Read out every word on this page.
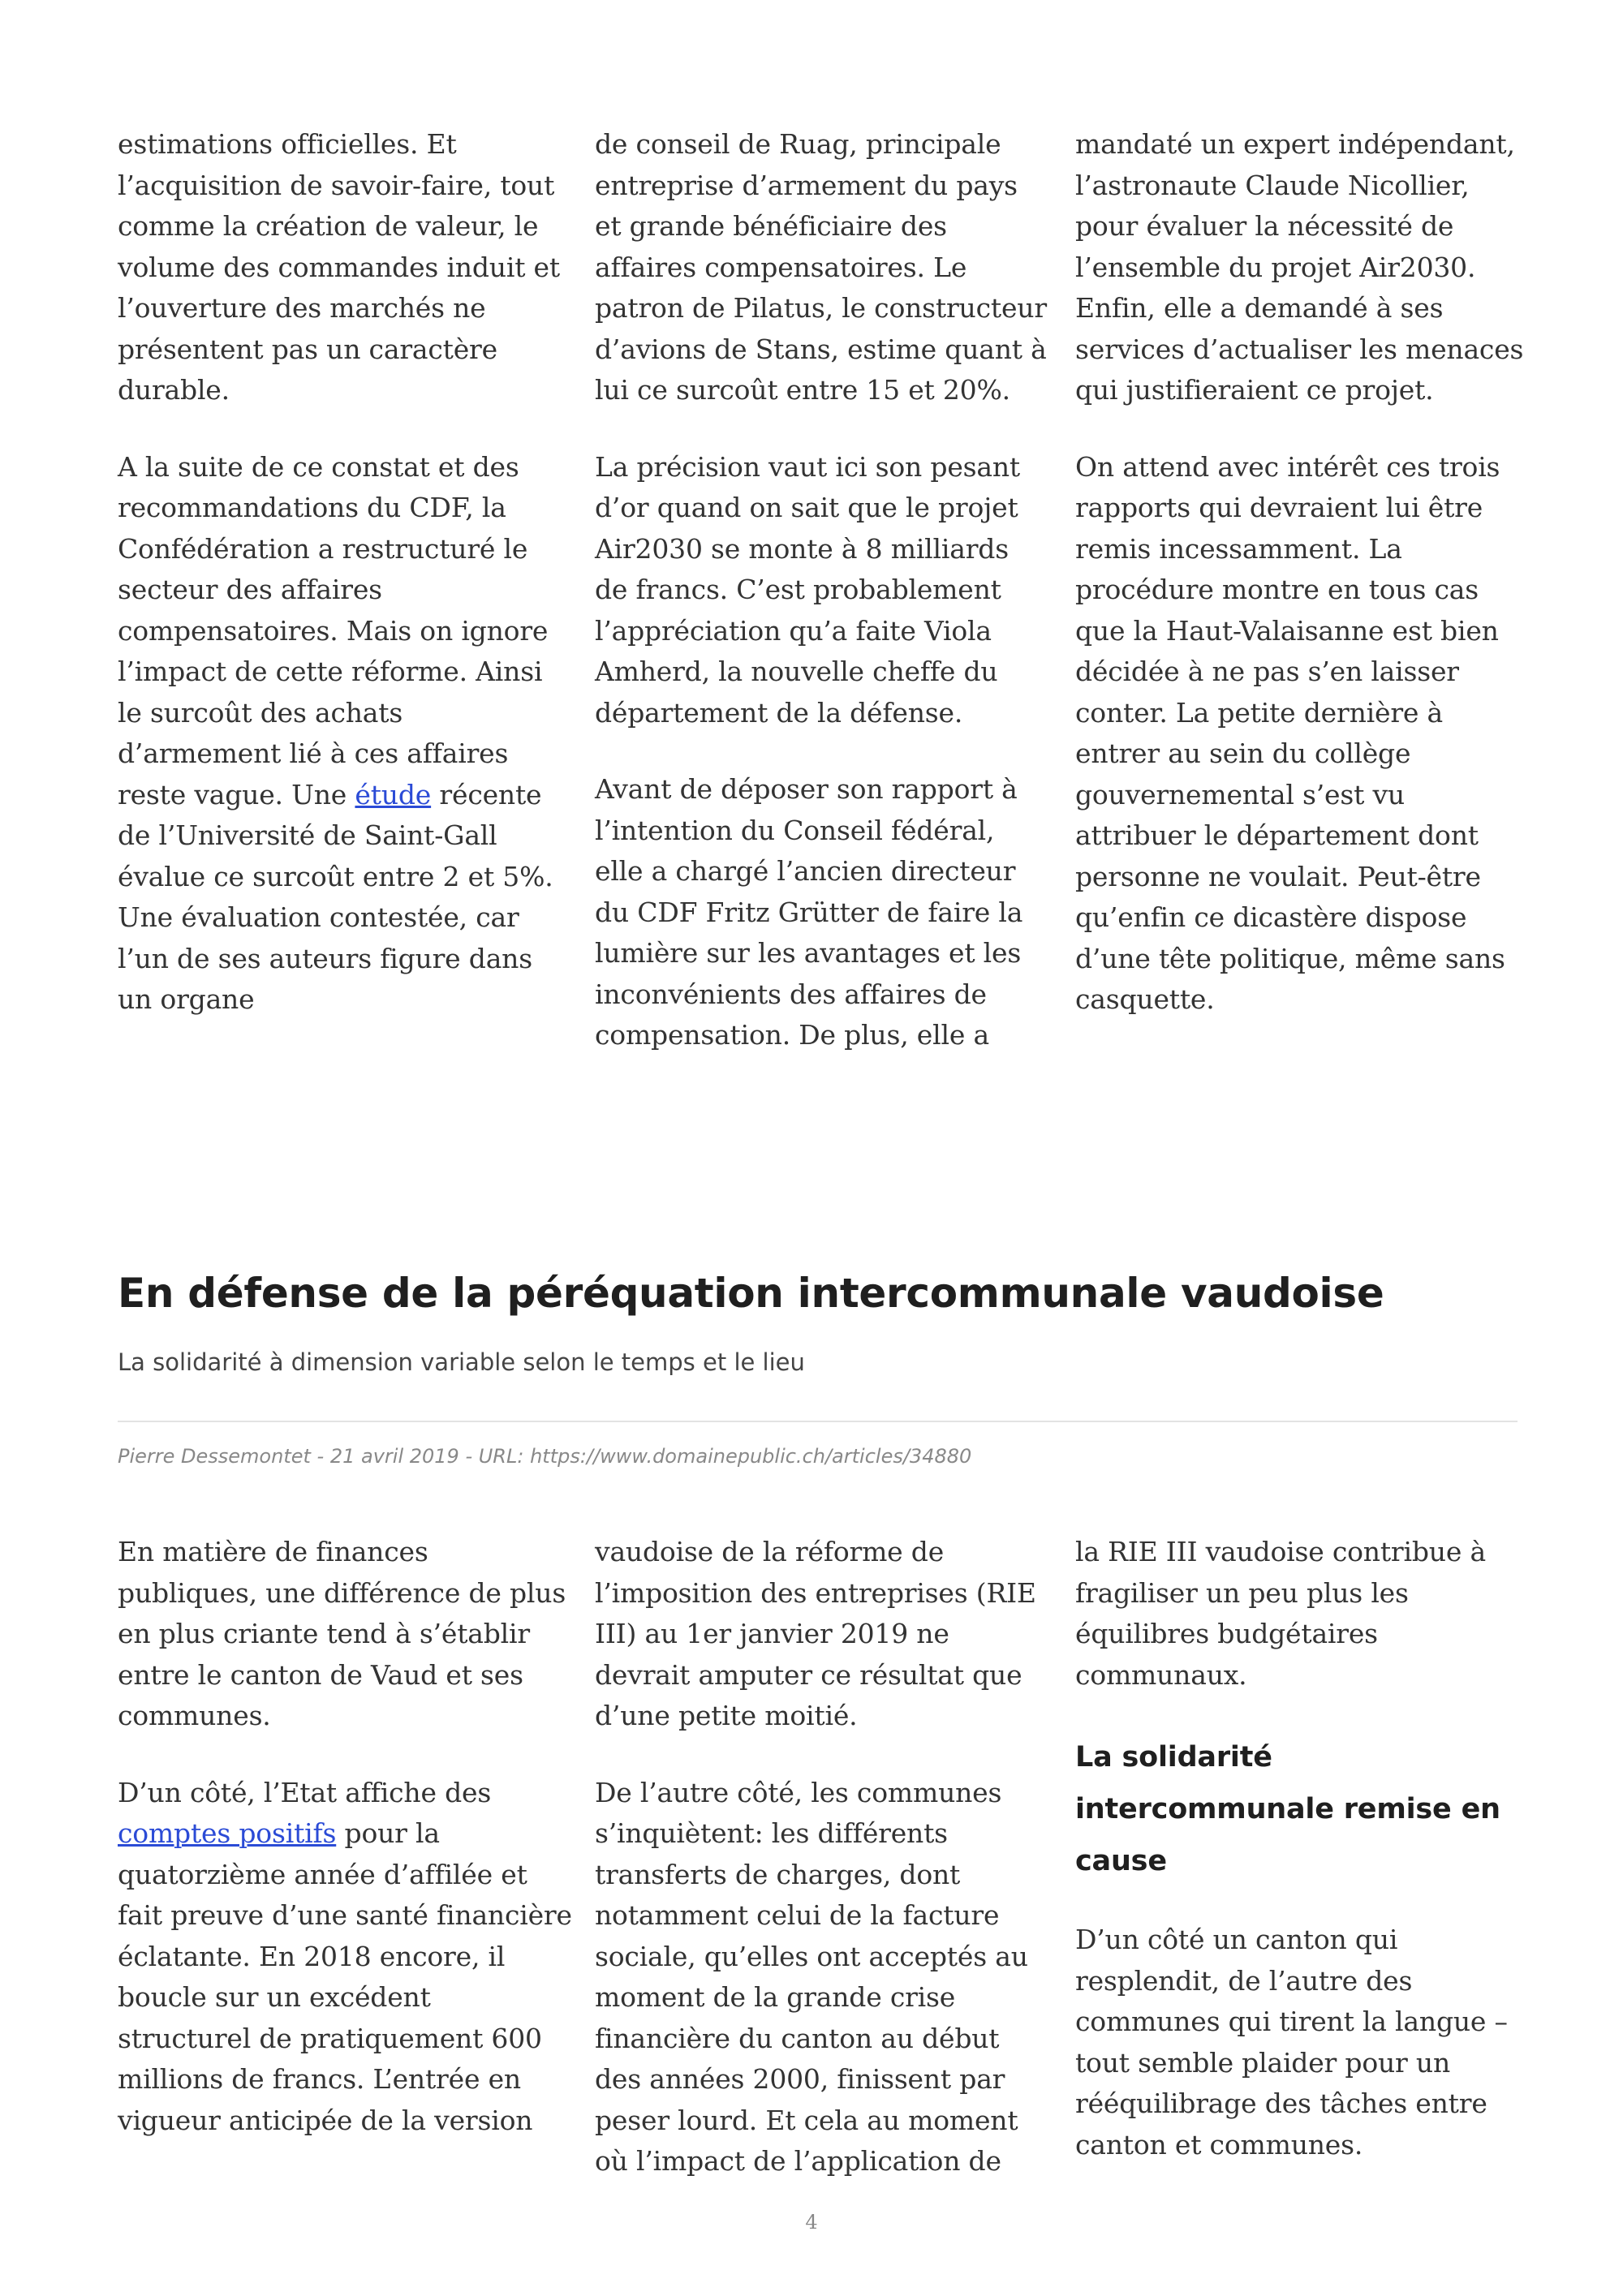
estimations officielles. Et l’acquisition de savoir-faire, tout comme la création de valeur, le volume des commandes induit et l’ouverture des marchés ne présentent pas un caractère durable.

A la suite de ce constat et des recommandations du CDF, la Confédération a restructuré le secteur des affaires compensatoires. Mais on ignore l’impact de cette réforme. Ainsi le surcoût des achats d’armement lié à ces affaires reste vague. Une étude récente de l’Université de Saint-Gall évalue ce surcoût entre 2 et 5%. Une évaluation contestée, car l’un de ses auteurs figure dans un organe

de conseil de Ruag, principale entreprise d’armement du pays et grande bénéficiaire des affaires compensatoires. Le patron de Pilatus, le constructeur d’avions de Stans, estime quant à lui ce surcoût entre 15 et 20%.

La précision vaut ici son pesant d’or quand on sait que le projet Air2030 se monte à 8 milliards de francs. C’est probablement l’appréciation qu’a faite Viola Amherd, la nouvelle cheffe du département de la défense.

Avant de déposer son rapport à l’intention du Conseil fédéral, elle a chargé l’ancien directeur du CDF Fritz Grütter de faire la lumière sur les avantages et les inconvénients des affaires de compensation. De plus, elle a

mandaté un expert indépendant, l’astronaute Claude Nicollier, pour évaluer la nécessité de l’ensemble du projet Air2030. Enfin, elle a demandé à ses services d’actualiser les menaces qui justifieraient ce projet.

On attend avec intérêt ces trois rapports qui devraient lui être remis incessamment. La procédure montre en tous cas que la Haut-Valaisanne est bien décidée à ne pas s’en laisser conter. La petite dernière à entrer au sein du collège gouvernemental s’est vu attribuer le département dont personne ne voulait. Peut-être qu’enfin ce dicastère dispose d’une tête politique, même sans casquette.

En défense de la péréquation intercommunale vaudoise

La solidarité à dimension variable selon le temps et le lieu

Pierre Dessemontet - 21 avril 2019 - URL: https://www.domainepublic.ch/articles/34880

En matière de finances publiques, une différence de plus en plus criante tend à s’établir entre le canton de Vaud et ses communes.

D’un côté, l’Etat affiche des comptes positifs pour la quatorzième année d’affilée et fait preuve d’une santé financière éclatante. En 2018 encore, il boucle sur un excédent structurel de pratiquement 600 millions de francs. L’entrée en vigueur anticipée de la version

vaudoise de la réforme de l’imposition des entreprises (RIE III) au 1er janvier 2019 ne devrait amputer ce résultat que d’une petite moitié.

De l’autre côté, les communes s’inquiètent: les différents transferts de charges, dont notamment celui de la facture sociale, qu’elles ont acceptés au moment de la grande crise financière du canton au début des années 2000, finissent par peser lourd. Et cela au moment où l’impact de l’application de

la RIE III vaudoise contribue à fragiliser un peu plus les équilibres budgétaires communaux.

La solidarité intercommunale remise en cause

D’un côté un canton qui resplendit, de l’autre des communes qui tirent la langue – tout semble plaider pour un rééquilibrage des tâches entre canton et communes.

4
